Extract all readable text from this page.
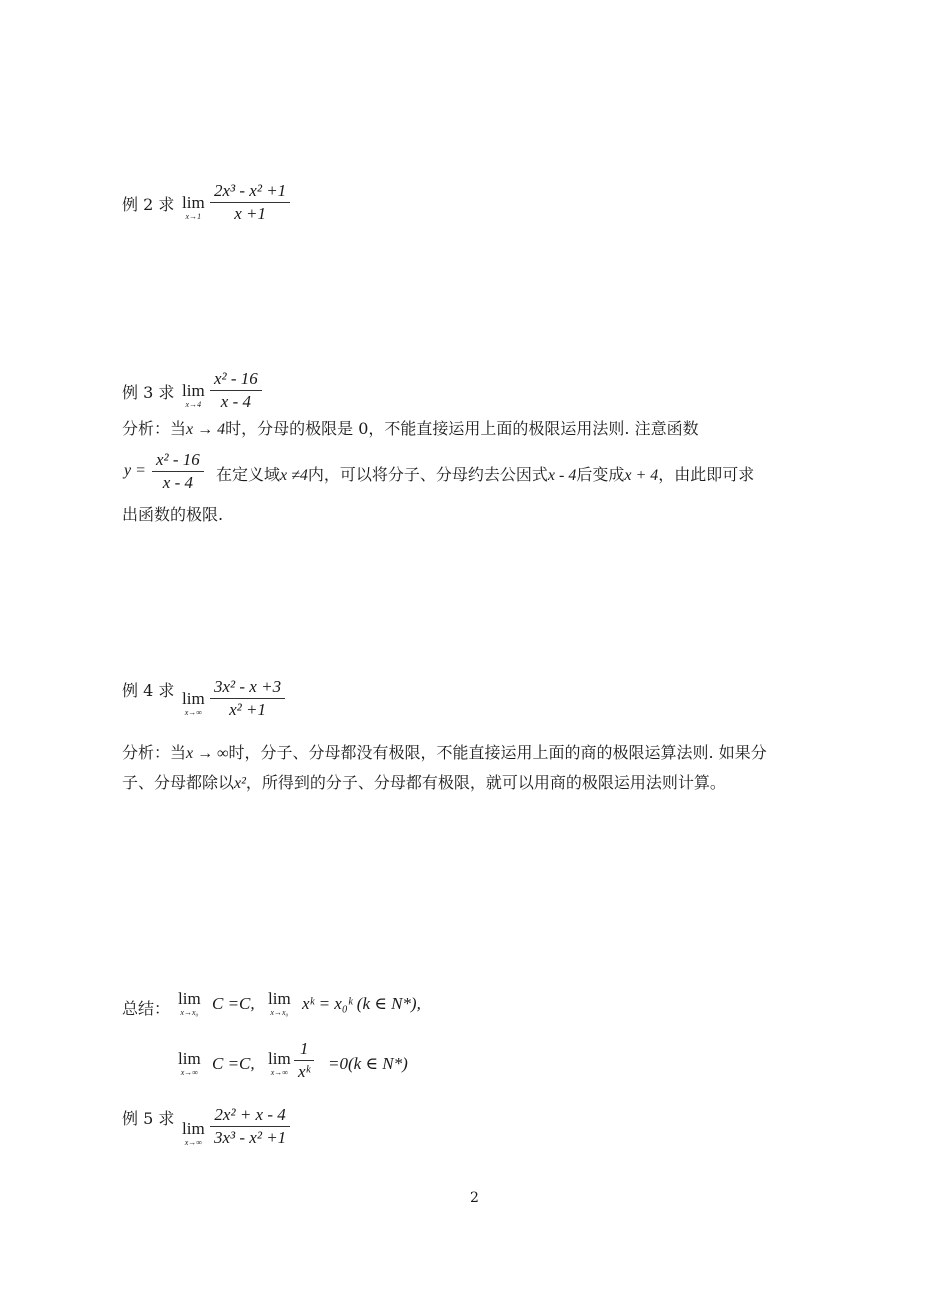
例 2 求 lim
$x\to 1 \frac{\text{2x³ - x² +1}}{x +1}$
例 3 求 lim
$x\to 4 \frac{\text{x² - 16}}{x - 4}$
分析：当x → 4时，分母的极限是 0，不能直接运用上面的极限运用法则. 注意函数
$y = \frac{\text{x² - 16}}{x - 4}$ 在定义域x ≠4内，可以将分子、分母约去公因式x - 4后变成x + 4，由此即可求
出函数的极限.
例 4 求 lim
$x\to\infty \frac{\text{3x² - x +3}}{\text{x² +1}}$
分析：当x → ∞时，分子、分母都没有极限，不能直接运用上面的商的极限运算法则. 如果分
子、分母都除以x²，所得到的分子、分母都有极限，就可以用商的极限运用法则计算。
总结：
lim
x→x₀ C =C, lim
x→x₀ xᵏ = x₀ᵏ (k ∈ N*),
lim
x→∞ C =C, lim
$x\to\infty \frac{1}{\text{xᵏ}} =0(k$ ∈ N*)
例 5 求
lim
$x\to\infty \frac{\text{2x² + x - 4}}{\text{3x³ - x² +1}}$
2
